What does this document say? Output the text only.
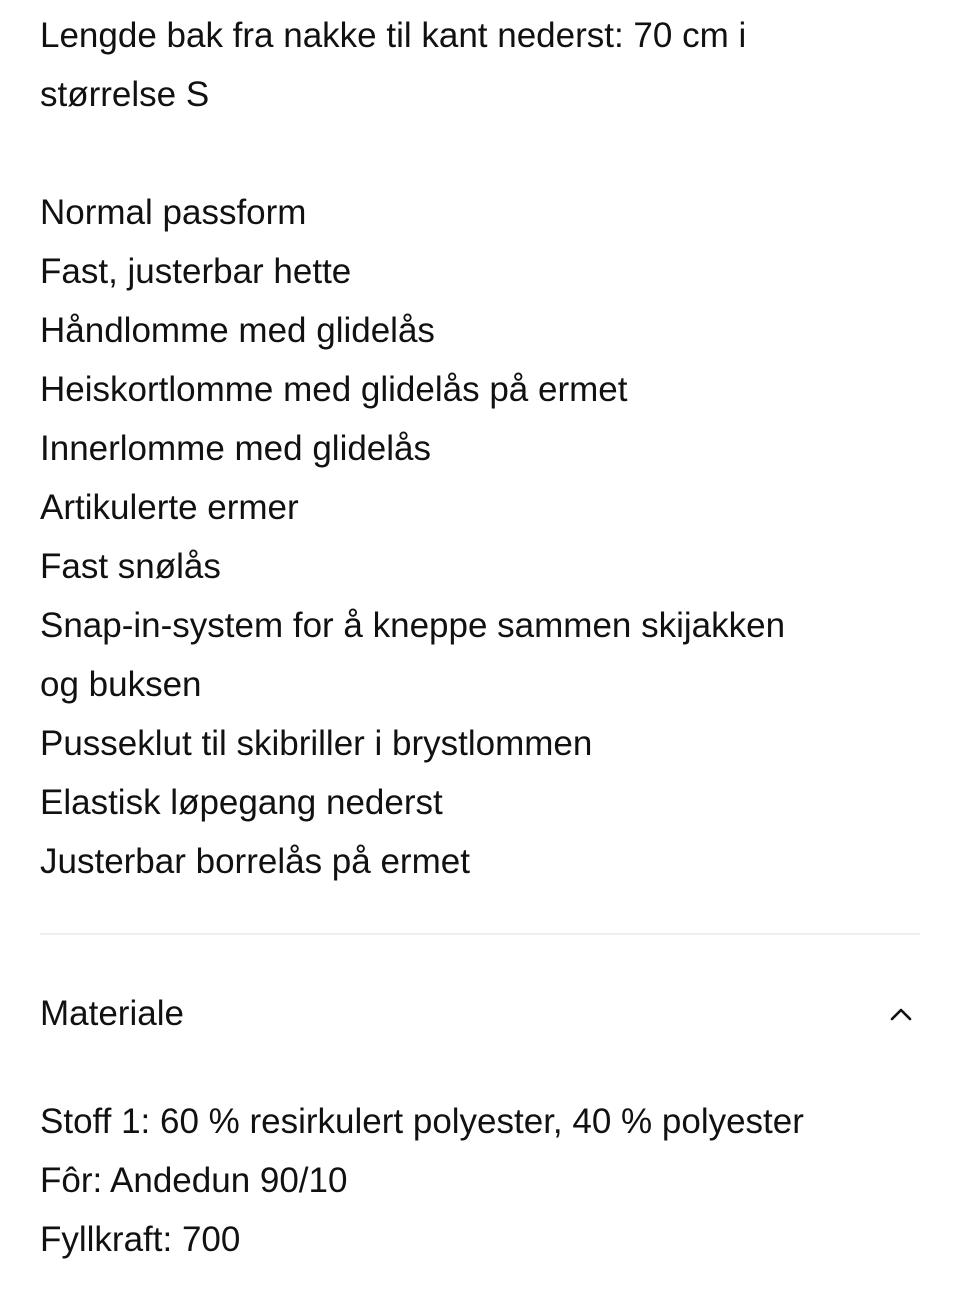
Lengde bak fra nakke til kant nederst: 70 cm i
størrelse S
Normal passform
Fast, justerbar hette
Håndlomme med glidelås
Heiskortlomme med glidelås på ermet
Innerlomme med glidelås
Artikulerte ermer
Fast snølås
Snap-in-system for å kneppe sammen skijakken
og buksen
Pusseklut til skibriller i brystlommen
Elastisk løpegang nederst
Justerbar borrelås på ermet
Materiale
Stoff 1: 60 % resirkulert polyester, 40 % polyester
Fôr: Andedun 90/10
Fyllkraft: 700
